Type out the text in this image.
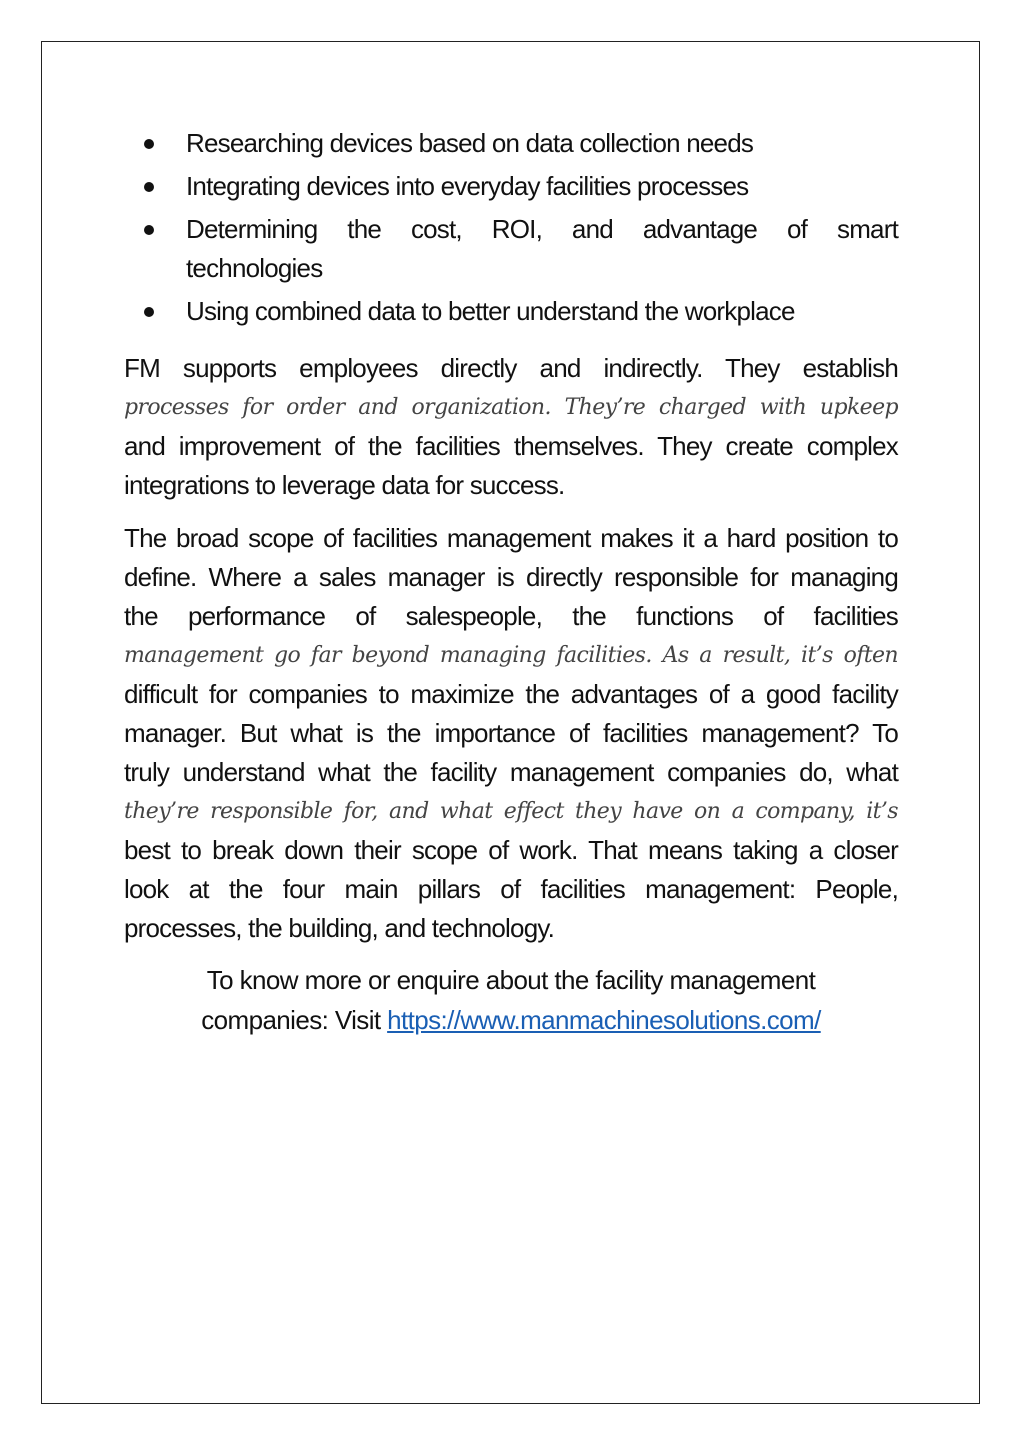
Researching devices based on data collection needs
Integrating devices into everyday facilities processes
Determining the cost, ROI, and advantage of smart
technologies
Using combined data to better understand the workplace

FM supports employees directly and indirectly. They establish
processes for order and organization. They’re charged with upkeep
and improvement of the facilities themselves. They create complex
integrations to leverage data for success.

The broad scope of facilities management makes it a hard position to
define. Where a sales manager is directly responsible for managing
the performance of salespeople, the functions of facilities
management go far beyond managing facilities. As a result, it’s often
difficult for companies to maximize the advantages of a good facility
manager. But what is the importance of facilities management? To
truly understand what the facility management companies do, what
they’re responsible for, and what effect they have on a company, it’s
best to break down their scope of work. That means taking a closer
look at the four main pillars of facilities management: People,
processes, the building, and technology.

To know more or enquire about the facility management
companies: Visit https://www.manmachinesolutions.com/
